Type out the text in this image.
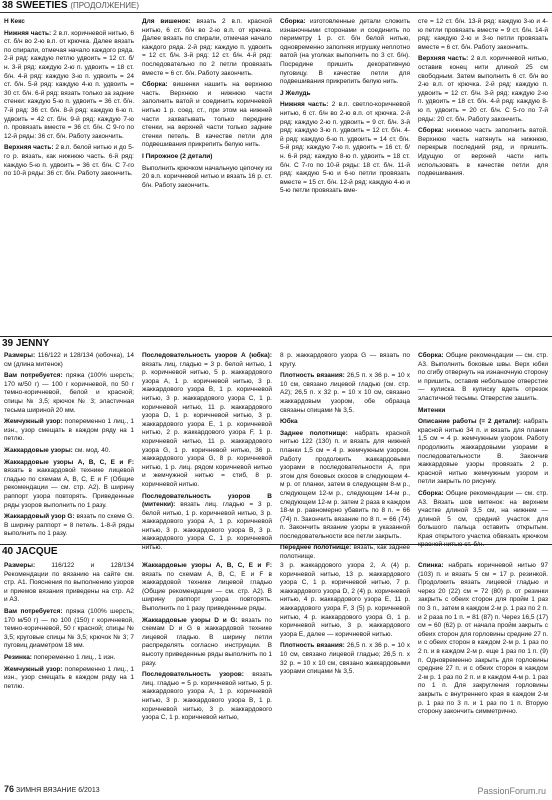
38 SWEETIES (ПРОДОЛЖЕНИЕ)

Н Кекс

Нижняя часть: 2 в.п. коричневой нитью, 6 ст. б/н во 2-ю в.п. от крючка. Далее вязать по спирали, отмечая начало каждого ряда. 2-й ряд: каждую петлю удвоить = 12 ст. б/н. 3-й ряд: каждую 2-ю п. удвоить = 18 ст. б/н. 4-й ряд: каждую 3-ю п. удвоить = 24 ст. б/н. 5-й ряд: каждую 4-ю п. удвоить = 30 ст. б/н. 6-й ряд: вязать только за задние стенки: каждую 5-ю п. удвоить = 36 ст. б/н. 7-й ряд: 36 ст. б/н. 8-й ряд: каждую 6-ю п. удвоить = 42 ст. б/н. 9-й ряд: каждую 7-ю п. провязать вместе = 36 ст. б/н. С 9-го по 12-й ряды: 36 ст. б/н. Работу закончить.

Верхняя часть: 2 в.п. белой нитью и до 5-го р. вязать, как нижнюю часть. 6-й ряд: каждую 5-ю п. удвоить = 36 ст. б/н. С 7-го по 10-й ряды: 36 ст. б/н. Работу закончить.

Для вишенок: вязать 2 в.п. красной нитью, 6 ст. б/н во 2-ю в.п. от крючка. Далее вязать по спирали, отмечая начало каждого ряда. 2-й ряд: каждую п. удвоить = 12 ст. б/н. 3-й ряд: 12 ст. б/н. 4-й ряд: последовательно по 2 петли провязать вместе = 6 ст. б/н. Работу закончить.

Сборка: вишенки нашить на верхнюю часть. Верхнюю и нижнюю части заполнить ватой и соединить коричневой нитью 1 р. соед. ст., при этом на нижней части захватывать только передние стенки, на верхней части только задние стенки петель. В качестве петли для подвешивания прикрепить белую нить.

I Пирожное (2 детали)

Выполнить крючком начальную цепочку из 20 в.п. коричневой нитью и вязать 16 р. ст. б/н. Работу закончить.

Сборка: изготовленные детали сложить изнаночными сторонами и соединить по периметру 1 р. ст. б/н белой нитью, одновременно заполняя игрушку неплотно ватой (на уголках выполнить по 3 ст. б/н). Посредине пришить декоративную пуговицу. В качестве петли для подвешивания прикрепить белую нить.

J Желудь

Нижняя часть: 2 в.п. светло-коричневой нитью, 6 ст. б/н во 2-ю в.п. от крючка. 2-й ряд: каждую 2-ю п. удвоить = 9 ст. б/н. 3-й ряд: каждую 3-ю п. удвоить = 12 ст. б/н. 4-й ряд: каждую 6-ю п. удвоить = 14 ст. б/н. 5-й ряд: каждую 7-ю п. удвоить = 16 ст. б/н. 6-й ряд: каждую 8-ю п. удвоить = 18 ст. б/н. С 7-го по 10-й ряды: 18 ст. б/н. 11-й ряд: каждую 5-ю и 6-ю петли провязать вместе = 15 ст. б/н. 12-й ряд: каждую 4-ю и 5-ю петли провязать вме-

сте = 12 ст. б/н. 13-й ряд: каждую 3-ю и 4-ю петли провязать вместе = 9 ст. б/н. 14-й ряд: каждую 2-ю и 3-ю петли провязать вместе = 6 ст. б/н. Работу закончить.

Верхняя часть: 2 в.п. коричневой нитью, оставив конец нити длиной 25 см свободным. Затем выполнить 6 ст. б/н во 2-ю в.п. от крючка. 2-й ряд: каждую п. удвоить = 12 ст. б/н. 3-й ряд: каждую 2-ю п. удвоить = 18 ст. б/н. 4-й ряд: каждую 8-ю п. удвоить = 20 ст. б/н. С 5-го по 7-й ряды: 20 ст. б/н. Работу закончить.

Сборка: нижнюю часть заполнить ватой. Верхнюю часть натянуть на нижнюю, перекрыв последний ряд, и пришить. Идущую от верхней части нить использовать в качестве петли для подвешивания.

39 JENNY

Размеры: 116/122 и 128/134 (юбочка), 14 см (длина митенок)

Вам потребуется: пряжа (100% шерсть; 170 м/50 г) — 100 г коричневой, по 50 г темно-коричневой, белой и красной; спицы № 3,5; крючок № 3; эластичная тесьма шириной 20 мм.

Жемчужный узор: попеременно 1 лиц., 1 изн., узор смещать в каждом ряду на 1 петлю.

Жаккардовые узоры: см. мод. 40.

Жаккардовые узоры A, B, C, E и F: вязать в жаккардовой технике лицевой гладью по схемам A, B, C, E и F (Общие рекомендации — см. стр. A2). В ширину раппорт узора повторять. Приведенные ряды узоров выполнить по 1 разу.

Жаккардовый узор G: вязать по схеме G. В ширину раппорт = 8 петель. 1-8-й ряды выполнить по 1 разу.

Последовательность узоров A (юбка): вязать лиц. гладью = 3 р. белой нитью, 1 р. коричневой нитью, 5 р. жаккардового узора A, 1 р. коричневой нитью, 3 р. жаккардового узора B, 1 р. коричневой нитью, 3 р. жаккардового узора C, 1 р. коричневой нитью, 11 р. жаккардового узора D, 1 р. коричневой нитью, 3 р. жаккардового узора E, 1 р. коричневой нитью, 2 р. жаккардового узора F, 1 р. коричневой нитью, 11 р. жаккардового узора G, 1 р. коричневой нитью, 36 р. жаккардового узора G, 8 р. коричневой нитью, 1 р. лиц. рядом коричневой нитью и жемчужной нитью = стиб, 8 р. коричневой нитью.

Последовательность узоров B (митенки): вязать лиц. гладью = 3 р. белой нитью, 1 р. коричневой нитью, 3 р. жаккардового узора A, 1 р. коричневой нитью, 3 р. жаккардового узора B, 3 р. жаккардового узора C, 1 р. коричневой нитью.

8 р. жаккардового узора G — вязать по кругу.

Плотность вязания: 26,5 п. х 36 р. = 10 х 10 см, связано лицевой гладью (см. стр. A2); 26,5 п. х 32 р. = 10 х 10 см, связано жаккардовым узором, обе образца связаны спицами № 3,5.

Юбка

Заднее полотнище: набрать красной нитью 122 (130) п. и вязать для нижней планки 1,5 см = 4 р. жемчужным узором. Работу продолжить жаккардовыми узорами в последовательности A, при этом для боковых скосов в следующем 4-м р. от планки, затем в следующем 8-м р., следующем 12-м р., следующем 14-м р., следующем 12-м р. затем 2 раза в каждом 18-м р. равномерно убавить по 8 п. = 66 (74) п. Закончить вязание по 8 п. = 66 (74) п. Закончить вязание узоры в указанной последовательности все петли закрыть.

Переднее полотнище: вязать, как заднее полотнище.

Сборка: Общие рекомендации — см. стр. A3. Выполнить боковые швы. Верх юбки по сгибу отвернуть на изнаночную сторону и пришить, оставив небольшое отверстие — кулиска. В кулиску вдеть отрезок эластичной тесьмы. Отверстие зашить.

Митенки

Описание работы (= 2 детали): набрать красной нитью 34 п. и вязать для планки 1,5 см = 4 р. жемчужным узором. Работу продолжить жаккардовыми узорами в последовательности B. Закончив жаккардовые узоры провязать 2 р. красной нитью жемчужным узором и петли закрыть по рисунку.

Сборка: Общие рекомендации — см. стр. A3. Вязать шов митенок: на верхнем участке длиной 3,5 см, на нижнем — длиной 5 см, средний участок для большого пальца оставить открытым. Края открытого участка обвязать крючком красной нитью ст. б/н.

40 JACQUE

Размеры: 116/122 и 128/134 Рекомендации по вязанию на сайте см. стр. A1. Пояснения по выполнению узоров и приемов вязания приведены на стр. A2 и A3.

Вам потребуется: пряжа (100% шерсть; 170 м/50 г) — по 100 (150) г коричневой, темно-коричневой, 50 г красной; спицы № 3,5; круговые спицы № 3,5; крючок № 3; 7 пуговиц диаметром 18 мм.

Резинка: попеременно 1 лиц., 1 изн.

Жемчужный узор: попеременно 1 лиц., 1 изн., узор смещать в каждом ряду на 1 петлю.

Жаккардовые узоры A, B, C, E и F: вязать по схемам A, B, C, E и F в жаккардовой технике лицевой гладью (Общие рекомендации — см. стр. A2). В ширину раппорт узора повторять. Выполнить по 1 разу приведенные ряды.

Жаккардовые узоры D и G: вязать по схемам D и G в жаккардовой технике лицевой гладью. В ширину петли распределять согласно инструкции. В высоту приведенные ряды выполнить по 1 разу.

Последовательность узоров: вязать лиц. гладью = 5 р. коричневой нитью, 5 р. жаккардового узора A, 1 р. коричневой нитью, 3 р. жаккардового узора B, 1 р. коричневой нитью, 3 р. жаккардового узора C, 1 р. коричневой нитью,

3 р. жаккардового узора 2, A (4) р. коричневой нитью, 13 р. жаккардового узора C, 1 р. коричневой нитью, 7 р. жаккардового узора D, 2 (4) р. коричневой нитью, 4 р. жаккардового узора E, 11 р. жаккардового узора F, 3 (5) р. коричневой нитью, 4 р. жаккардового узора G, 1 р. коричневой нитью, 3 р. жаккардового узора E, далее — коричневой нитью.

Плотность вязания: 26,5 п. х 36 р. = 10 х 10 см, связано лицевой гладью; 26,5 п. х 32 р. = 10 х 10 см, связано жаккардовыми узорами спицами № 3,5.

Спинка: набрать коричневой нитью 97 (103) п. и вязать 5 см = 17 р. резинкой. Продолжить вязать лицевой гладью и через 20 (22) см = 72 (80) р. от резинки закрыть с обеих сторон для пройм 1 раз по 3 п., затем в каждом 2-м р. 1 раз по 2 п. и 2 раза по 1 п. = 81 (87) п. Через 16,5 (17) см = 60 (62) р. от начала пройм закрыть с обеих сторон для горловины средние 27 п. и с обеих сторон в каждом 2-м р. 1 раз по 2 п. и в каждом 2-м р. еще 1 раз по 1 п. (9) п. Одновременно закрыть для горловины средние 27 п. и с обеих сторон в каждом 2-м р. 1 раз по 2 п. и в каждом 4-м р. 1 раз по 1 п. Для закругления горловины закрыть с внутреннего края в каждом 2-м р. 1 раз по 3 п. и 1 раз по 1 п. Вторую сторону закончить симметрично.

76 ЗИМНЯ ВЯЗАНИЕ 6/2013	PassionForum.ru
